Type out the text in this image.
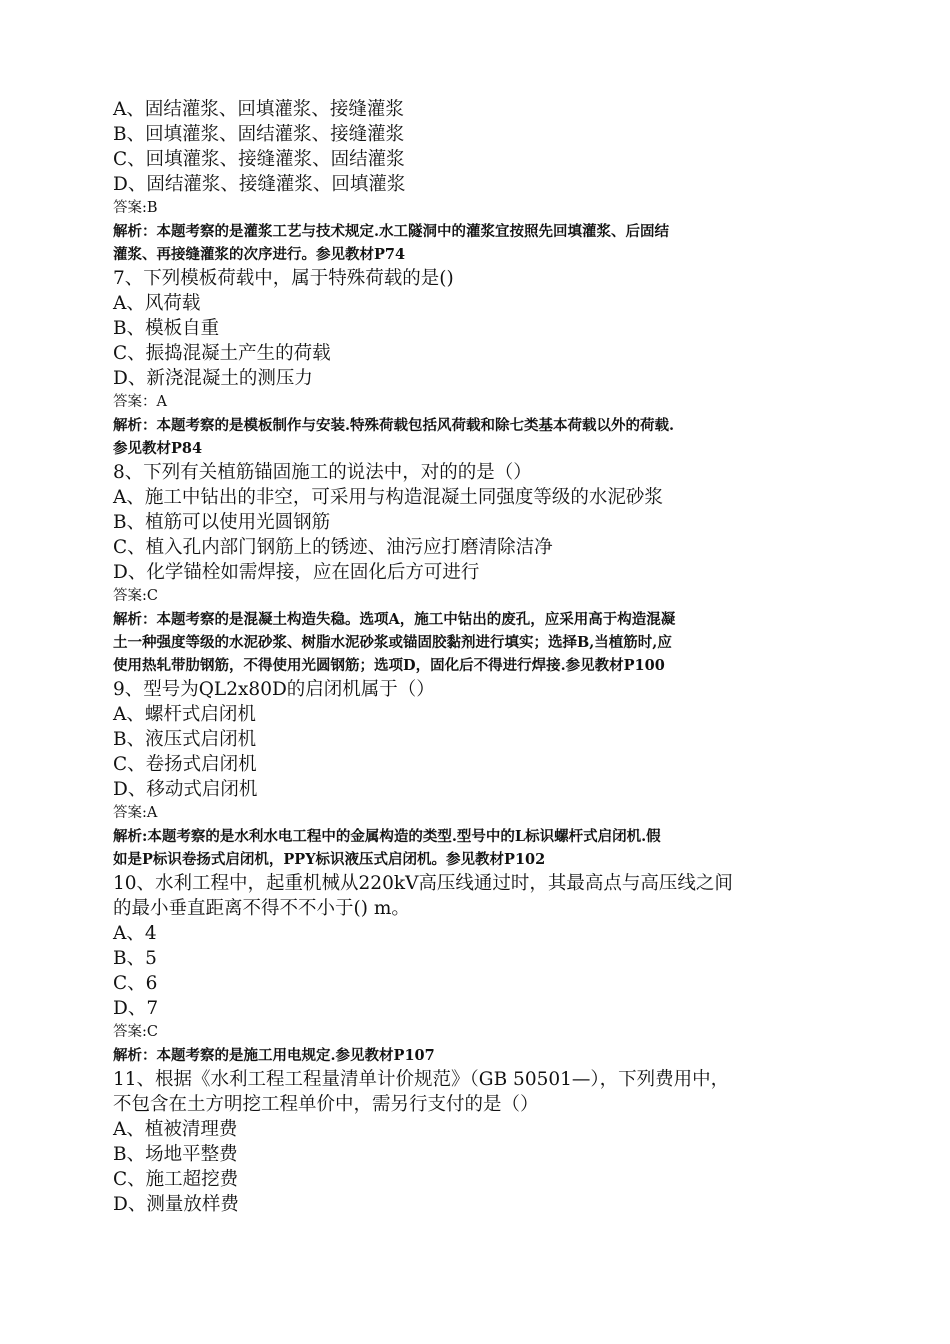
A、固结灌浆、回填灌浆、接缝灌浆
B、回填灌浆、固结灌浆、接缝灌浆
C、回填灌浆、接缝灌浆、固结灌浆
D、固结灌浆、接缝灌浆、回填灌浆
答案:B
解析：本题考察的是灌浆工艺与技术规定.水工隧洞中的灌浆宜按照先回填灌浆、后固结
灌浆、再接缝灌浆的次序进行。参见教材P74
7、下列模板荷载中，属于特殊荷载的是()
A、风荷载
B、模板自重
C、振捣混凝土产生的荷载
D、新浇混凝土的测压力
答案：A
解析：本题考察的是模板制作与安装.特殊荷载包括风荷载和除七类基本荷载以外的荷载.
参见教材P84
8、下列有关植筋锚固施工的说法中，对的的是（）
A、施工中钻出的非空，可采用与构造混凝土同强度等级的水泥砂浆
B、植筋可以使用光圆钢筋
C、植入孔内部门钢筋上的锈迹、油污应打磨清除洁净
D、化学锚栓如需焊接，应在固化后方可进行
答案:C
解析：本题考察的是混凝土构造失稳。选项A，施工中钻出的废孔，应采用高于构造混凝
土一种强度等级的水泥砂浆、树脂水泥砂浆或锚固胶黏剂进行填实；选择B,当植筋时,应
使用热轧带肋钢筋，不得使用光圆钢筋；选项D，固化后不得进行焊接.参见教材P100
9、型号为QL2x80D的启闭机属于（）
A、螺杆式启闭机
B、液压式启闭机
C、卷扬式启闭机
D、移动式启闭机
答案:A
解析:本题考察的是水利水电工程中的金属构造的类型.型号中的L标识螺杆式启闭机.假
如是P标识卷扬式启闭机，PPY标识液压式启闭机。参见教材P102
10、水利工程中，起重机械从220kV高压线通过时，其最高点与高压线之间
的最小垂直距离不得不不小于() m。
A、4
B、5
C、6
D、7
答案:C
解析：本题考察的是施工用电规定.参见教材P107
11、根据《水利工程工程量清单计价规范》（GB 50501—），下列费用中，
不包含在土方明挖工程单价中，需另行支付的是（）
A、植被清理费
B、场地平整费
C、施工超挖费
D、测量放样费
